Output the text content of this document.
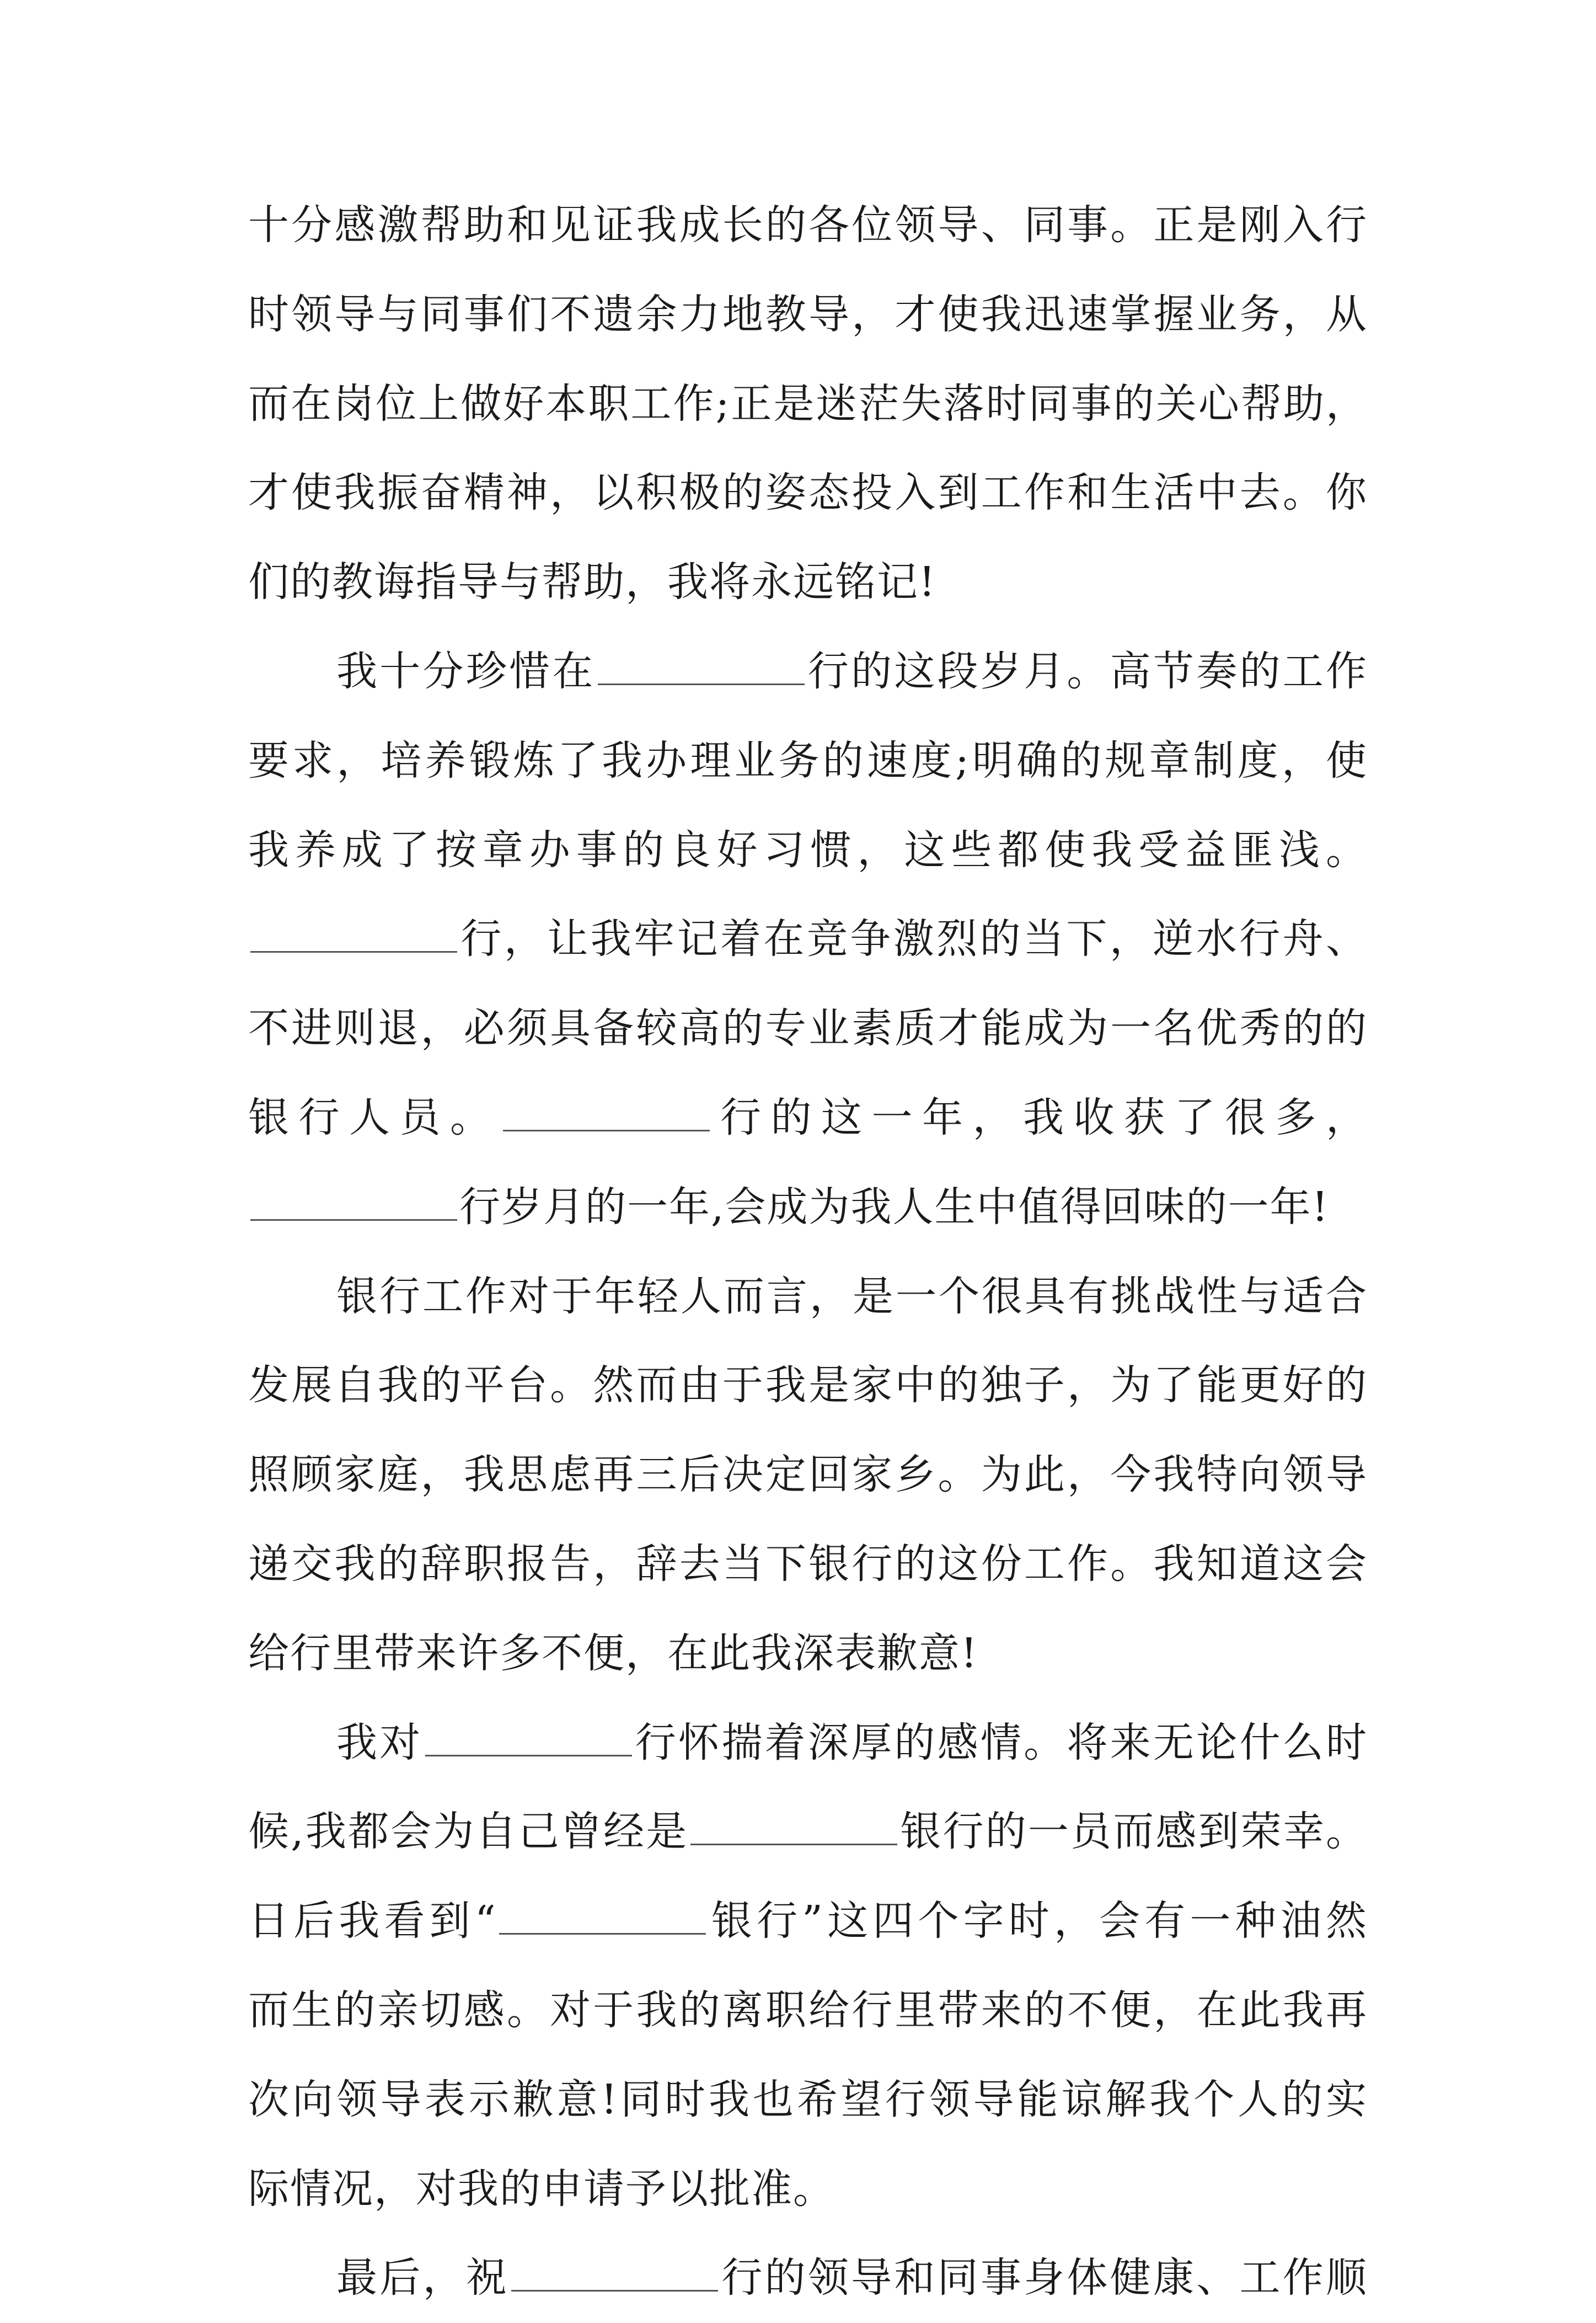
十分感激帮助和见证我成长的各位领导、同事。正是刚入行
时领导与同事们不遗余力地教导，才使我迅速掌握业务，从
而在岗位上做好本职工作;正是迷茫失落时同事的关心帮助，
才使我振奋精神，以积极的姿态投入到工作和生活中去。你
们的教诲指导与帮助，我将永远铭记!
我十分珍惜在	行的这段岁月。高节奏的工作
要求，培养锻炼了我办理业务的速度;明确的规章制度，使
我养成了按章办事的良好习惯，这些都使我受益匪浅。
行，让我牢记着在竞争激烈的当下，逆水行舟、
不进则退，必须具备较高的专业素质才能成为一名优秀的的
银行人员。	行的这一年，我收获了很多，
行岁月的一年,会成为我人生中值得回味的一年!
银行工作对于年轻人而言，是一个很具有挑战性与适合
发展自我的平台。然而由于我是家中的独子，为了能更好的
照顾家庭，我思虑再三后决定回家乡。为此，今我特向领导
递交我的辞职报告，辞去当下银行的这份工作。我知道这会
给行里带来许多不便，在此我深表歉意!
我对	行怀揣着深厚的感情。将来无论什么时
候,我都会为自己曾经是	银行的一员而感到荣幸。
日后我看到“	银行”这四个字时，会有一种油然
而生的亲切感。对于我的离职给行里带来的不便，在此我再
次向领导表示歉意!同时我也希望行领导能谅解我个人的实
际情况，对我的申请予以批准。
最后，祝	行的领导和同事身体健康、工作顺
